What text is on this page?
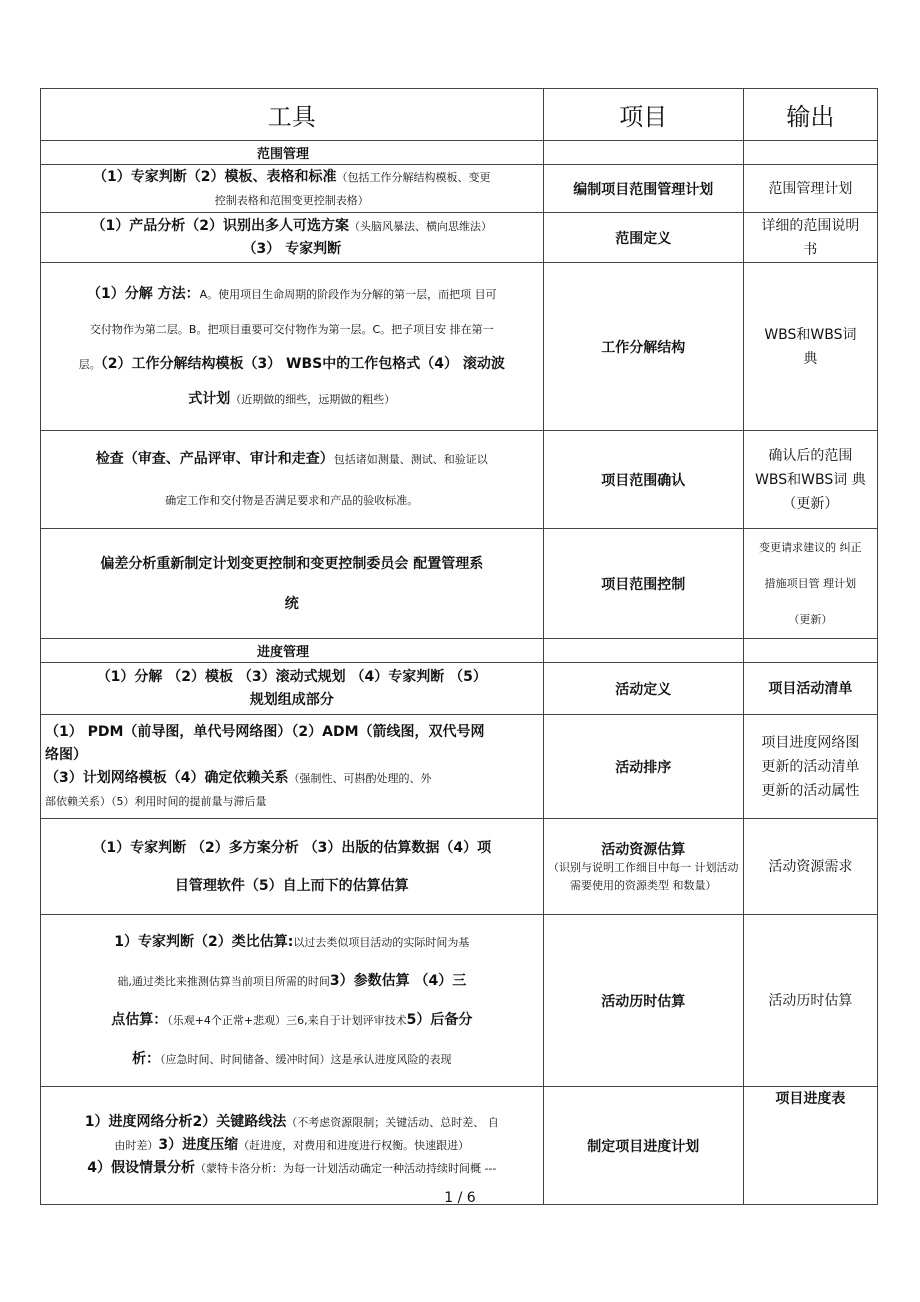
工具	项目	输出
范围管理		

（1）专家判断（2）模板、表格和标准（包括工作分解结构模板、变更
控制表格和范围变更控制表格）	编制项目范围管理计划	范围管理计划

（1）产品分析（2）识别出多人可选方案（头脑风暴法、横向思维法）
（3） 专家判断	范围定义	详细的范围说明
书

（1）分解 方法：A。使用项目生命周期的阶段作为分解的第一层，而把项 目可
交付物作为第二层。B。把项目重要可交付物作为第一层。C。把子项目安 排在第一
层。（2）工作分解结构模板（3） WBS中的工作包格式（4） 滚动波
式计划（近期做的细些，远期做的粗些）	工作分解结构	WBS和WBS词
典

检查（审查、产品评审、审计和走查）包括诸如测量、测试、和验证以
确定工作和交付物是否满足要求和产品的验收标准。	项目范围确认	确认后的范围
WBS和WBS词 典
（更新）

偏差分析重新制定计划变更控制和变更控制委员会 配置管理系
统	项目范围控制	变更请求建议的 纠正
措施项目管 理计划
（更新）

进度管理		

（1）分解 （2）模板 （3）滚动式规划 （4）专家判断 （5）
规划组成部分	活动定义	项目活动清单

（1） PDM（前导图，单代号网络图）（2）ADM（箭线图，双代号网
络图）
（3）计划网络模板（4）确定依赖关系（强制性、可斟酌处理的、外
部依赖关系）（5）利用时间的提前量与滞后量	活动排序	项目进度网络图
更新的活动清单
更新的活动属性

（1）专家判断 （2）多方案分析 （3）出版的估算数据（4）项
目管理软件（5）自上而下的估算估算	活动资源估算
（识别与说明工作细目中每一 计划活动需要使用的资源类型 和数量）	活动资源需求

1）专家判断（2）类比估算:以过去类似项目活动的实际时间为基
础,通过类比来推测估算当前项目所需的时间3）参数估算 （4）三
点估算：（乐观+4个正常+悲观）三6,来自于计划评审技术5）后备分
析：（应急时间、时间储备、缓冲时间）这是承认进度风险的表现	活动历时估算	活动历时估算

1）进度网络分析2）关键路线法（不考虑资源限制；关键活动、总时差、 自
由时差）3）进度压缩（赶进度，对费用和进度进行权衡。快速跟进）
4）假设情景分析（蒙特卡洛分析：为每一计划活动确定一种活动持续时间概 ---	制定项目进度计划	项目进度表
1 / 6
